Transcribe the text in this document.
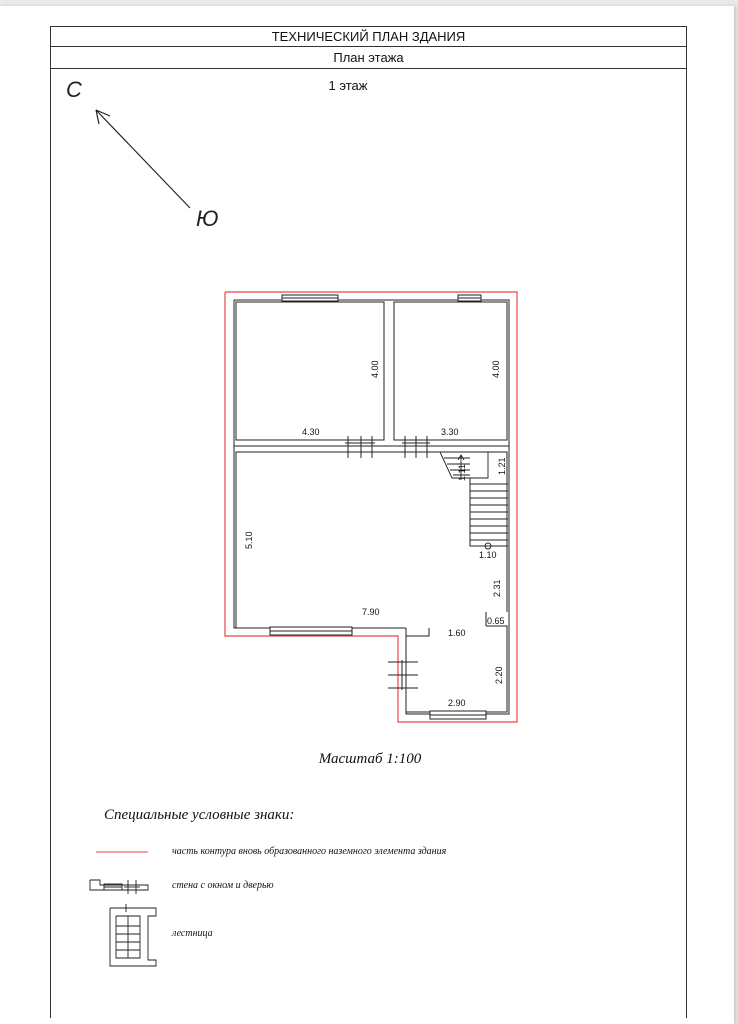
ТЕХНИЧЕСКИЙ ПЛАН ЗДАНИЯ
План этажа
1 этаж
С
Ю
4.30
4.00
3.30
4.00
5.10
7.90
1.21
1.11
1.10
2.31
0.65
1.60
2.20
2.90
Масштаб 1:100
Специальные условные знаки:
часть контура вновь образованного наземного элемента здания
стена с окном и дверью
лестница
